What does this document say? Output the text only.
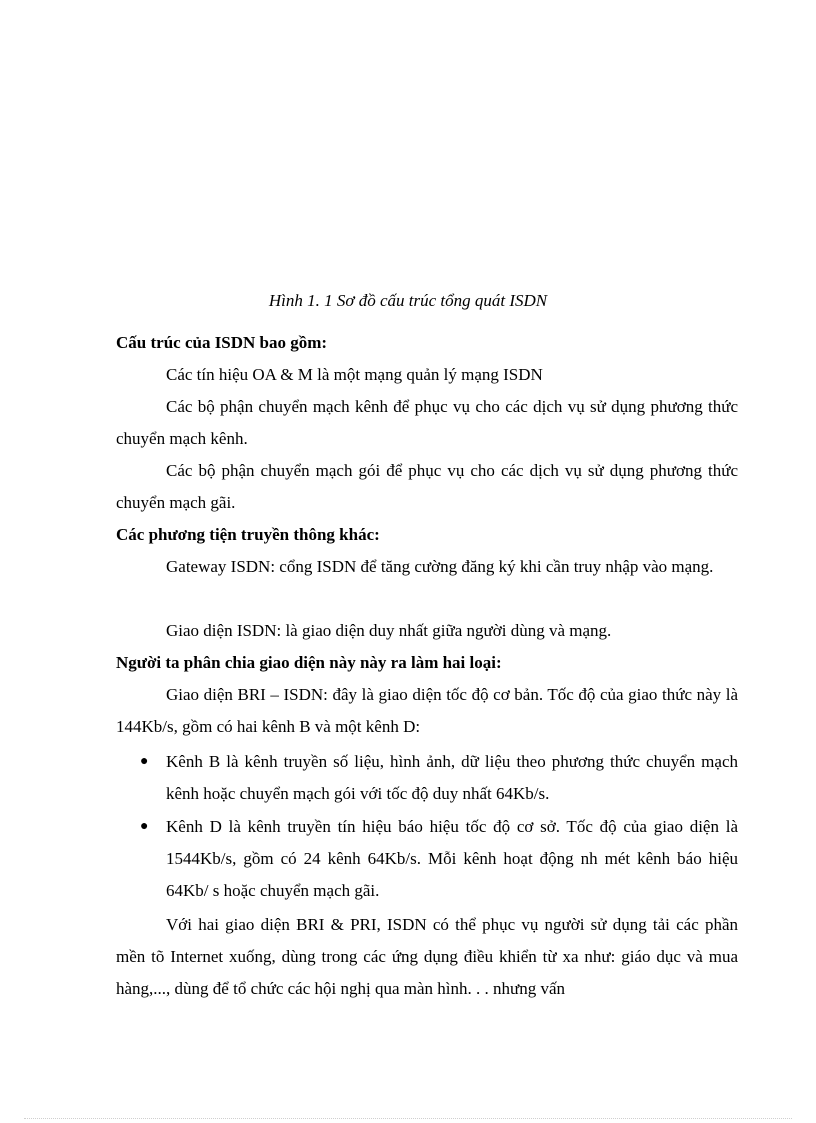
Hình 1. 1 Sơ đồ cấu trúc tổng quát ISDN
Cấu trúc của ISDN bao gồm:
Các tín hiệu OA & M là một mạng quản lý mạng ISDN
Các bộ phận chuyển mạch kênh để phục vụ cho các dịch vụ sử dụng phương thức chuyển mạch kênh.
Các bộ phận chuyển mạch gói để phục vụ cho các dịch vụ sử dụng phương thức chuyển mạch gãi.
Các phương tiện truyền thông khác:
Gateway ISDN: cổng ISDN để tăng cường đăng ký khi cần truy nhập vào mạng.
Giao diện ISDN: là giao diện duy nhất giữa người dùng và mạng.
Người ta phân chia giao diện này này ra làm hai loại:
Giao diện BRI – ISDN: đây là giao diện tốc độ cơ bản. Tốc độ của giao thức này là 144Kb/s, gồm có hai kênh B và một kênh D:
●	Kênh B là kênh truyền số liệu, hình ảnh, dữ liệu theo phương thức chuyển mạch kênh hoặc chuyển mạch gói với tốc độ duy nhất 64Kb/s.
●	Kênh D là kênh truyền tín hiệu báo hiệu tốc độ cơ sở. Tốc độ của giao diện là 1544Kb/s, gồm có 24 kênh 64Kb/s. Mỗi kênh hoạt động nh mét kênh báo hiệu 64Kb/ s hoặc chuyển mạch gãi.
Với hai giao diện BRI & PRI, ISDN có thể phục vụ người sử dụng tải các phần mền tõ Internet xuống, dùng trong các ứng dụng điều khiển từ xa như: giáo dục và mua hàng,..., dùng để tổ chức các hội nghị qua màn hình. . . nhưng vấn
